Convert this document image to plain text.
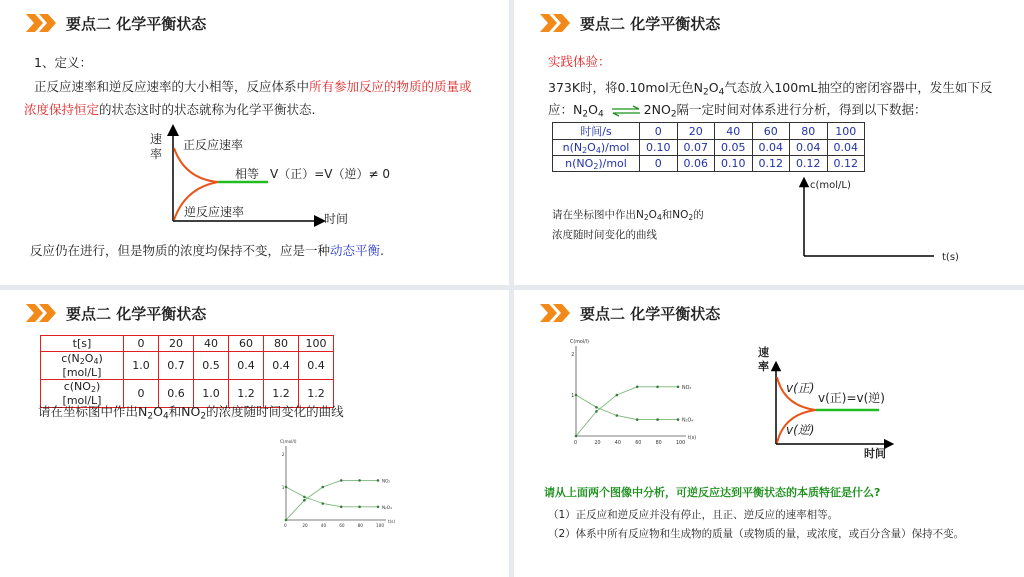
要点二 化学平衡状态
1、定义：
正反应速率和逆反应速率的大小相等，反应体系中所有参加反应的物质的质量或
浓度保持恒定的状态这时的状态就称为化学平衡状态.
速
率
正反应速率
相等 V（正）=V（逆）≠ 0
逆反应速率	时间
反应仍在进行，但是物质的浓度均保持不变，应是一种动态平衡.
要点二 化学平衡状态
实践体验：
373K时，将0.10mol无色$N_2O_4$气态放入100mL抽空的密闭容器中，发生如下反
应：$N_2O_4$ ⇌ $2NO_2$隔一定时间对体系进行分析，得到以下数据：
时间/s	0	20	40	60	80	100
$n(N_2O_4)$/mol	0.10	0.07	0.05	0.04	0.04	0.04
$n(NO_2)$/mol	0	0.06	0.10	0.12	0.12	0.12
请在坐标图中作出$N_2O_4$和$NO_2$的
浓度随时间变化的曲线
c(mol/L)
t(s)
要点二 化学平衡状态
t[s]	0	20	40	60	80	100
$c(N_2O_4)[mol/L]$	1.0	0.7	0.5	0.4	0.4	0.4
$c(NO_2)[mol/L]$	0	0.6	1.0	1.2	1.2	1.2
请在坐标图中作出$N_2O_4$和$NO_2$的浓度随时间变化的曲线
C(mol/l)
t(s)
0	20	40	60	80	100
1
2
NO₂
N₂O₄
要点二 化学平衡状态
C(mol/l)
t(s)
0	20	40	60	80	100
1
2
NO₂
N₂O₄
速
率
v(正)
v(正)=v(逆)
v(逆)
时间
请从上面两个图像中分析，可逆反应达到平衡状态的本质特征是什么?
（1）正反应和逆反应并没有停止，且正、逆反应的速率相等。
（2）体系中所有反应物和生成物的质量（或物质的量，或浓度，或百分含量）保持不变。
